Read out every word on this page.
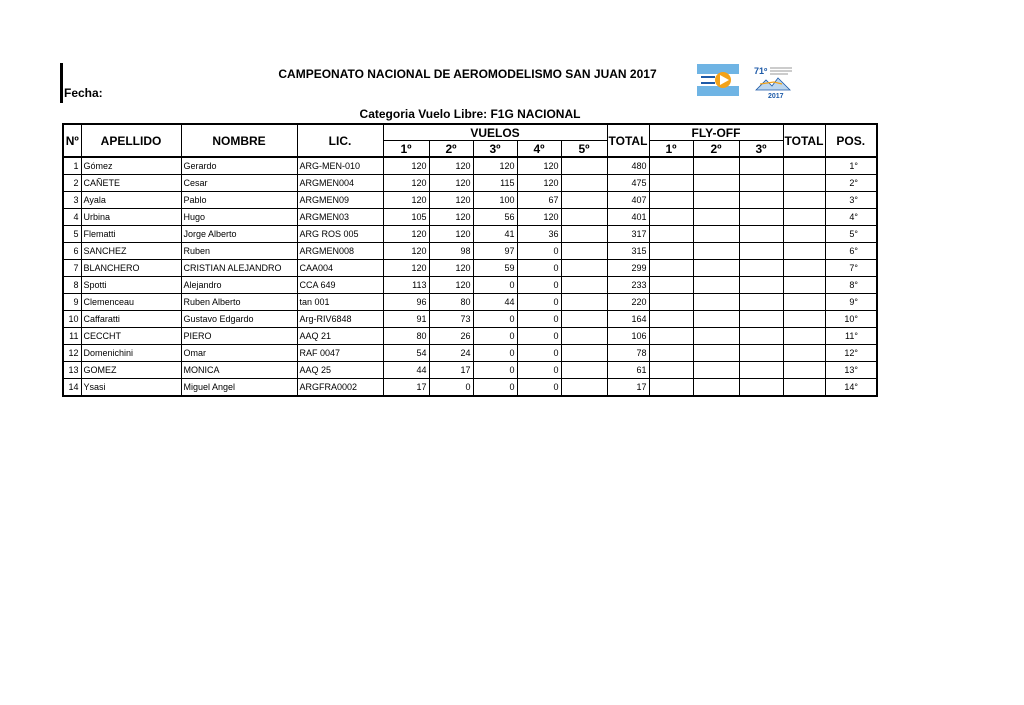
CAMPEONATO NACIONAL DE AEROMODELISMO SAN JUAN 2017
Fecha:
Categoria Vuelo Libre: F1G NACIONAL
71º
2017
Nº	APELLIDO	NOMBRE	LIC.	VUELOS					TOTAL	FLY-OFF			TOTAL	POS.
				1º	2º	3º	4º	5º		1º	2º	3º		
1	Gómez	Gerardo	ARG-MEN-010	120	120	120	120		480					1°
2	CAÑETE	Cesar	ARGMEN004	120	120	115	120		475					2°
3	Ayala	Pablo	ARGMEN09	120	120	100	67		407					3°
4	Urbina	Hugo	ARGMEN03	105	120	56	120		401					4°
5	Flematti	Jorge Alberto	ARG ROS 005	120	120	41	36		317					5°
6	SANCHEZ	Ruben	ARGMEN008	120	98	97	0		315					6°
7	BLANCHERO	CRISTIAN ALEJANDRO	CAA004	120	120	59	0		299					7°
8	Spotti	Alejandro	CCA 649	113	120	0	0		233					8°
9	Clemenceau	Ruben Alberto	tan 001	96	80	44	0		220					9°
10	Caffaratti	Gustavo Edgardo	Arg-RIV6848	91	73	0	0		164					10°
11	CECCHT	PIERO	AAQ 21	80	26	0	0		106					11°
12	Domenichini	Omar	RAF 0047	54	24	0	0		78					12°
13	GOMEZ	MONICA	AAQ 25	44	17	0	0		61					13°
14	Ysasi	Miguel Angel	ARGFRA0002	17	0	0	0		17					14°
